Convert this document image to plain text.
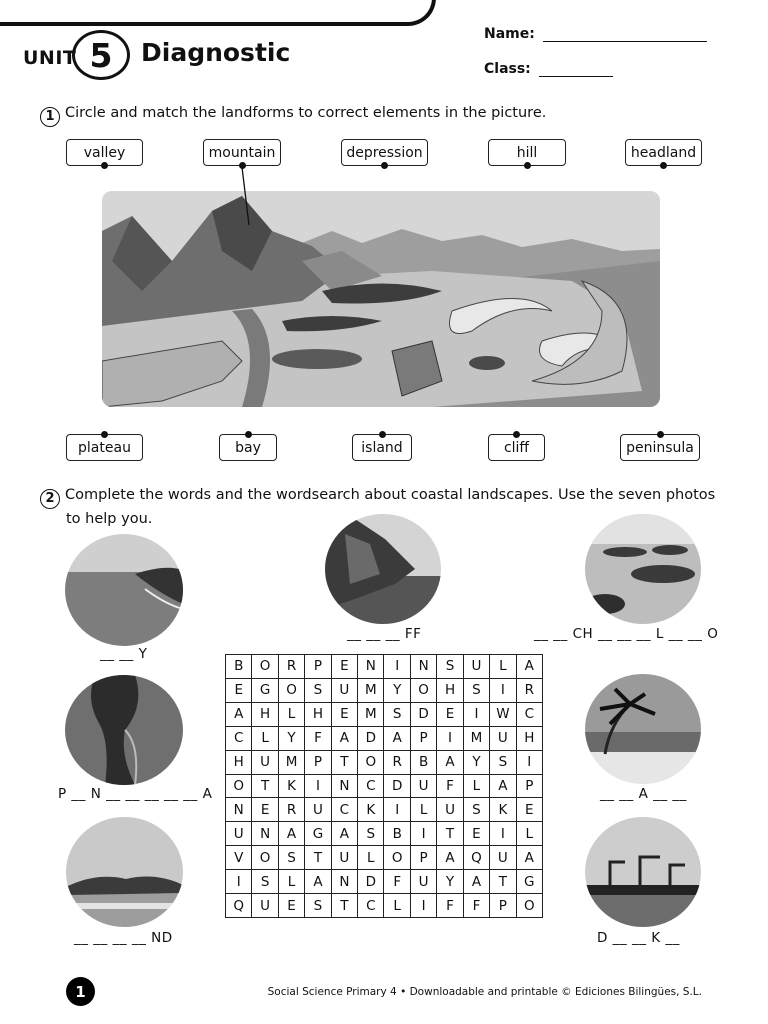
UNIT 5	Diagnostic
Name:
Class:
1 Circle and match the landforms to correct elements in the picture.
valley	mountain	depression	hill	headland
plateau	bay	island	cliff	peninsula
2 Complete the words and the wordsearch about coastal landscapes. Use the seven photos
to help you.
__ __ Y
__ __ __ FF	__ __ CH __ __ __ L __ __ O
P __ N __ __ __ __ __ A	__ __ A __ __
__ __ __ __ ND	D __ __ K __
B	O	R	P	E	N	I	N	S	U	L	A
E	G	O	S	U	M	Y	O	H	S	I	R
A	H	L	H	E	M	S	D	E	I	W	C
C	L	Y	F	A	D	A	P	I	M	U	H
H	U	M	P	T	O	R	B	A	Y	S	I
O	T	K	I	N	C	D	U	F	L	A	P
N	E	R	U	C	K	I	L	U	S	K	E
U	N	A	G	A	S	B	I	T	E	I	L
V	O	S	T	U	L	O	P	A	Q	U	A
I	S	L	A	N	D	F	U	Y	A	T	G
Q	U	E	S	T	C	L	I	F	F	P	O
1	Social Science Primary 4 • Downloadable and printable © Ediciones Bilingües, S.L.
